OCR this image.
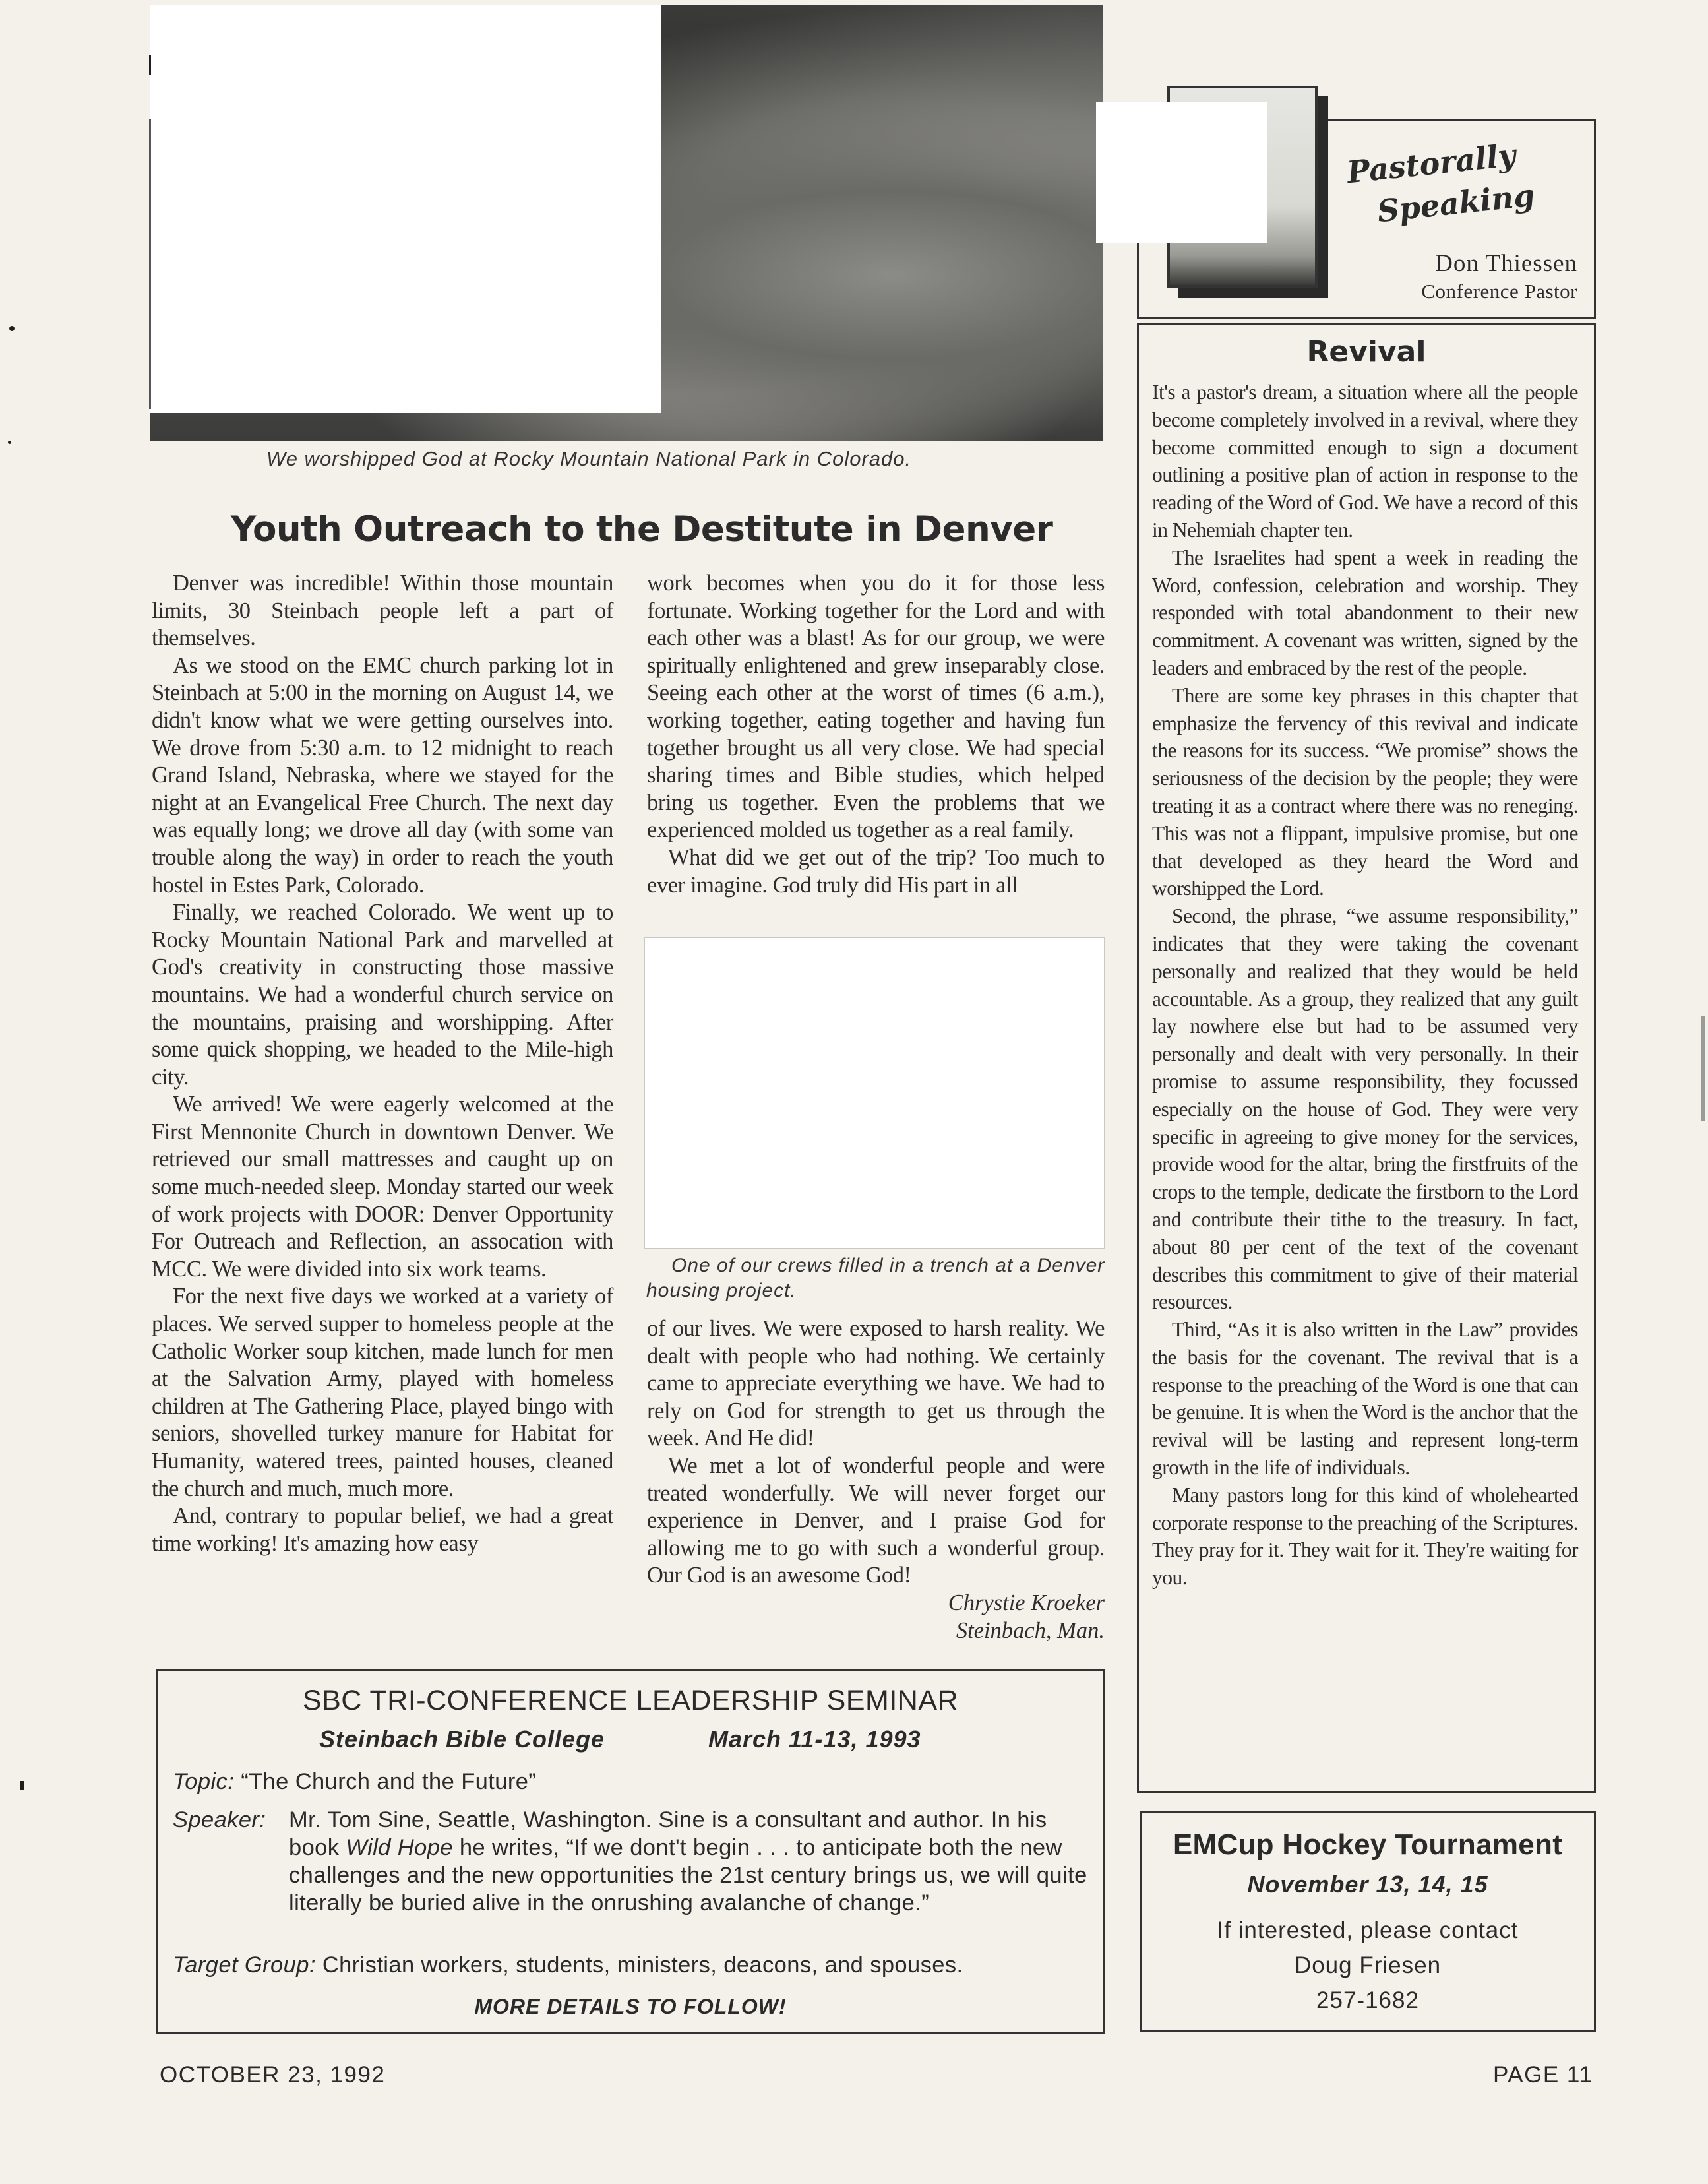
We worshipped God at Rocky Mountain National Park in Colorado.
Youth Outreach to the Destitute in Denver

Denver was incredible! Within those mountain limits, 30 Steinbach people left a part of themselves.

As we stood on the EMC church parking lot in Steinbach at 5:00 in the morning on August 14, we didn't know what we were getting ourselves into. We drove from 5:30 a.m. to 12 midnight to reach Grand Island, Nebraska, where we stayed for the night at an Evangelical Free Church. The next day was equally long; we drove all day (with some van trouble along the way) in order to reach the youth hostel in Estes Park, Colorado.

Finally, we reached Colorado. We went up to Rocky Mountain National Park and marvelled at God's creativity in constructing those massive mountains. We had a wonderful church service on the mountains, praising and worshipping. After some quick shopping, we headed to the Mile-high city.

We arrived! We were eagerly welcomed at the First Mennonite Church in downtown Denver. We retrieved our small mattresses and caught up on some much-needed sleep. Monday started our week of work projects with DOOR: Denver Opportunity For Outreach and Reflection, an assocation with MCC. We were divided into six work teams.

For the next five days we worked at a variety of places. We served supper to homeless people at the Catholic Worker soup kitchen, made lunch for men at the Salvation Army, played with homeless children at The Gathering Place, played bingo with seniors, shovelled turkey manure for Habitat for Humanity, watered trees, painted houses, cleaned the church and much, much more.

And, contrary to popular belief, we had a great time working! It's amazing how easy

work becomes when you do it for those less fortunate. Working together for the Lord and with each other was a blast! As for our group, we were spiritually enlightened and grew inseparably close. Seeing each other at the worst of times (6 a.m.), working together, eating together and having fun together brought us all very close. We had special sharing times and Bible studies, which helped bring us together. Even the problems that we experienced molded us together as a real family.

What did we get out of the trip? Too much to ever imagine. God truly did His part in all

One of our crews filled in a trench at a Denver housing project.

of our lives. We were exposed to harsh reality. We dealt with people who had nothing. We certainly came to appreciate everything we have. We had to rely on God for strength to get us through the week. And He did!

We met a lot of wonderful people and were treated wonderfully. We will never forget our experience in Denver, and I praise God for allowing me to go with such a wonderful group. Our God is an awesome God!

Chrystie Kroeker
Steinbach, Man.
Pastorally
Speaking
Don Thiessen
Conference Pastor
Revival

It's a pastor's dream, a situation where all the people become completely involved in a revival, where they become committed enough to sign a document outlining a positive plan of action in response to the reading of the Word of God. We have a record of this in Nehemiah chapter ten.

The Israelites had spent a week in reading the Word, confession, celebration and worship. They responded with total abandonment to their new commitment. A covenant was written, signed by the leaders and embraced by the rest of the people.

There are some key phrases in this chapter that emphasize the fervency of this revival and indicate the reasons for its success. “We promise” shows the seriousness of the decision by the people; they were treating it as a contract where there was no reneging. This was not a flippant, impulsive promise, but one that developed as they heard the Word and worshipped the Lord.

Second, the phrase, “we assume responsibility,” indicates that they were taking the covenant personally and realized that they would be held accountable. As a group, they realized that any guilt lay nowhere else but had to be assumed very personally and dealt with very personally. In their promise to assume responsibility, they focussed especially on the house of God. They were very specific in agreeing to give money for the services, provide wood for the altar, bring the firstfruits of the crops to the temple, dedicate the firstborn to the Lord and contribute their tithe to the treasury. In fact, about 80 per cent of the text of the covenant describes this commitment to give of their material resources.

Third, “As it is also written in the Law” provides the basis for the covenant. The revival that is a response to the preaching of the Word is one that can be genuine. It is when the Word is the anchor that the revival will be lasting and represent long-term growth in the life of individuals.

Many pastors long for this kind of wholehearted corporate response to the preaching of the Scriptures. They pray for it. They wait for it. They're waiting for you.

SBC TRI-CONFERENCE LEADERSHIP SEMINAR
Steinbach Bible College	March 11-13, 1993
Topic: “The Church and the Future”
Speaker: Mr. Tom Sine, Seattle, Washington. Sine is a consultant and author. In his book Wild Hope he writes, “If we dont't begin . . . to anticipate both the new challenges and the new opportunities the 21st century brings us, we will quite literally be buried alive in the onrushing avalanche of change.”
Target Group: Christian workers, students, ministers, deacons, and spouses.
MORE DETAILS TO FOLLOW!
EMCup Hockey Tournament
November 13, 14, 15
If interested, please contact
Doug Friesen
257-1682
OCTOBER 23, 1992	PAGE 11
